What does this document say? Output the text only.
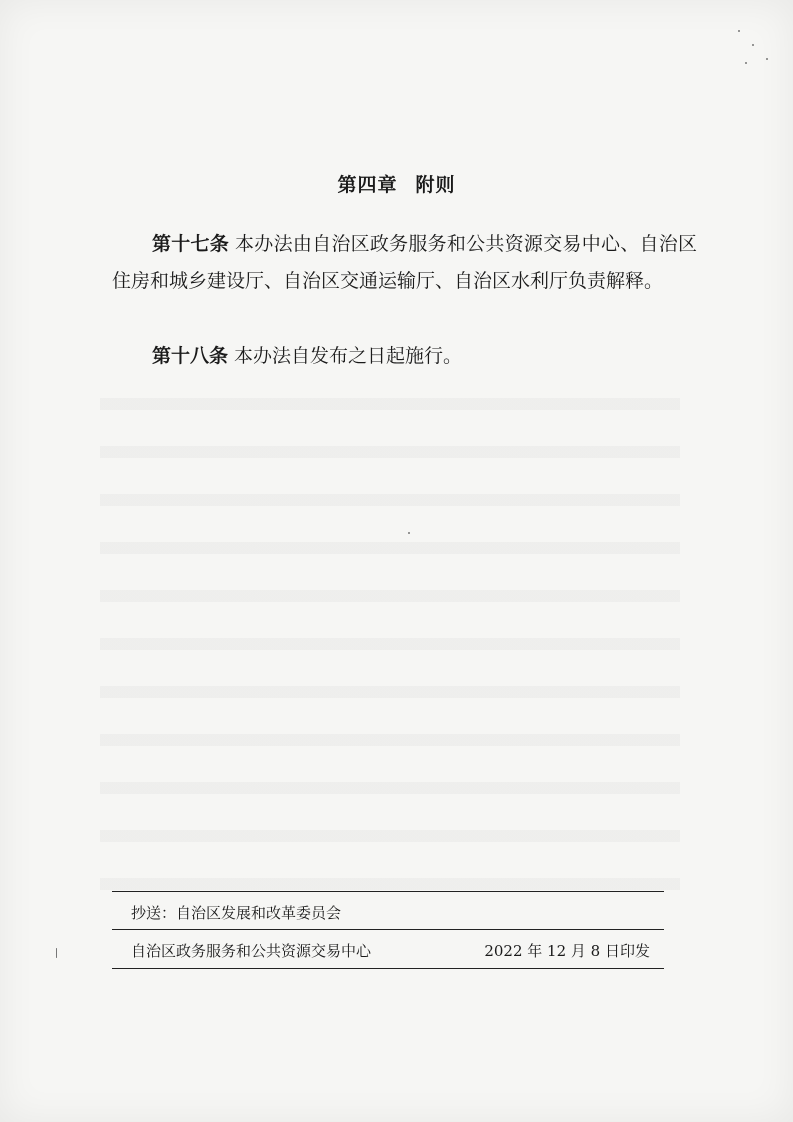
第四章 附则
第十七条 本办法由自治区政务服务和公共资源交易中心、自治区住房和城乡建设厅、自治区交通运输厅、自治区水利厅负责解释。
第十八条 本办法自发布之日起施行。
抄送：自治区发展和改革委员会
自治区政务服务和公共资源交易中心	2022 年 12 月 8 日印发
